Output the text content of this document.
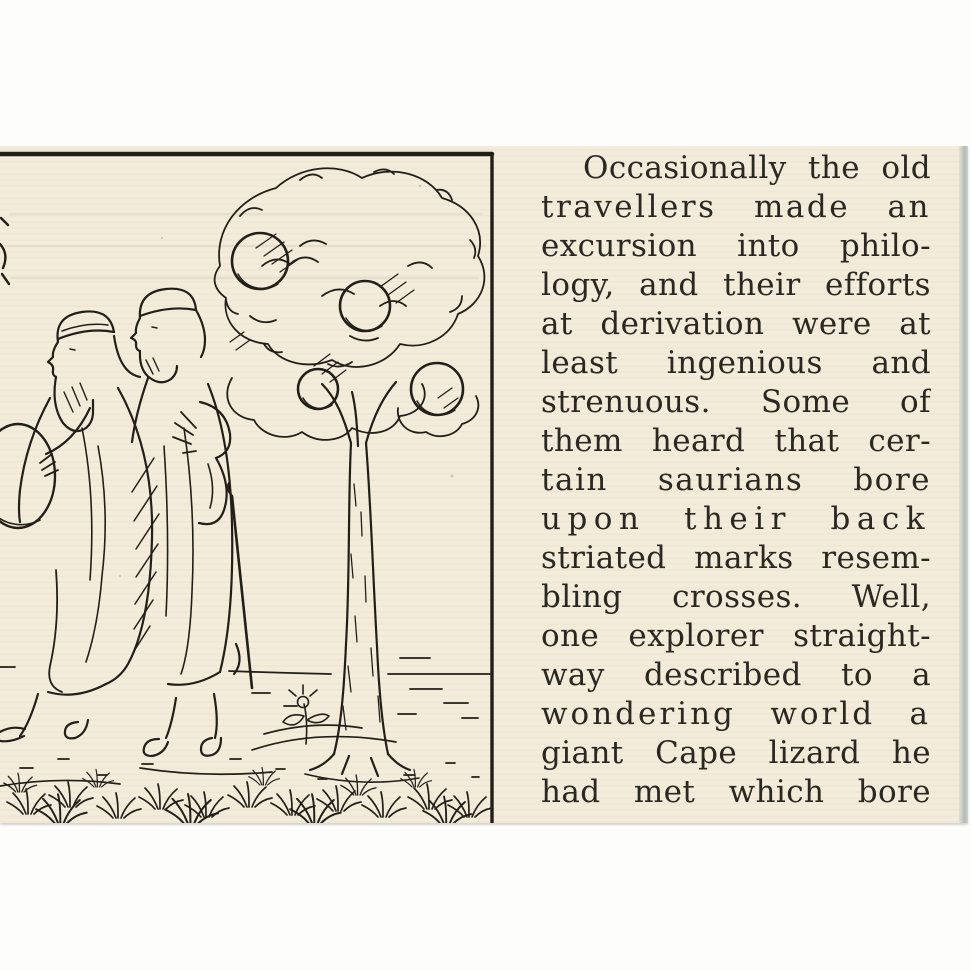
Occasionally the old
travellers made an
excursion into philo-
logy, and their efforts
at derivation were at
least ingenious and
strenuous. Some of
them heard that cer-
tain saurians bore
upon their back
striated marks resem-
bling crosses. Well,
one explorer straight-
way described to a
wondering world a
giant Cape lizard he
had met which bore
